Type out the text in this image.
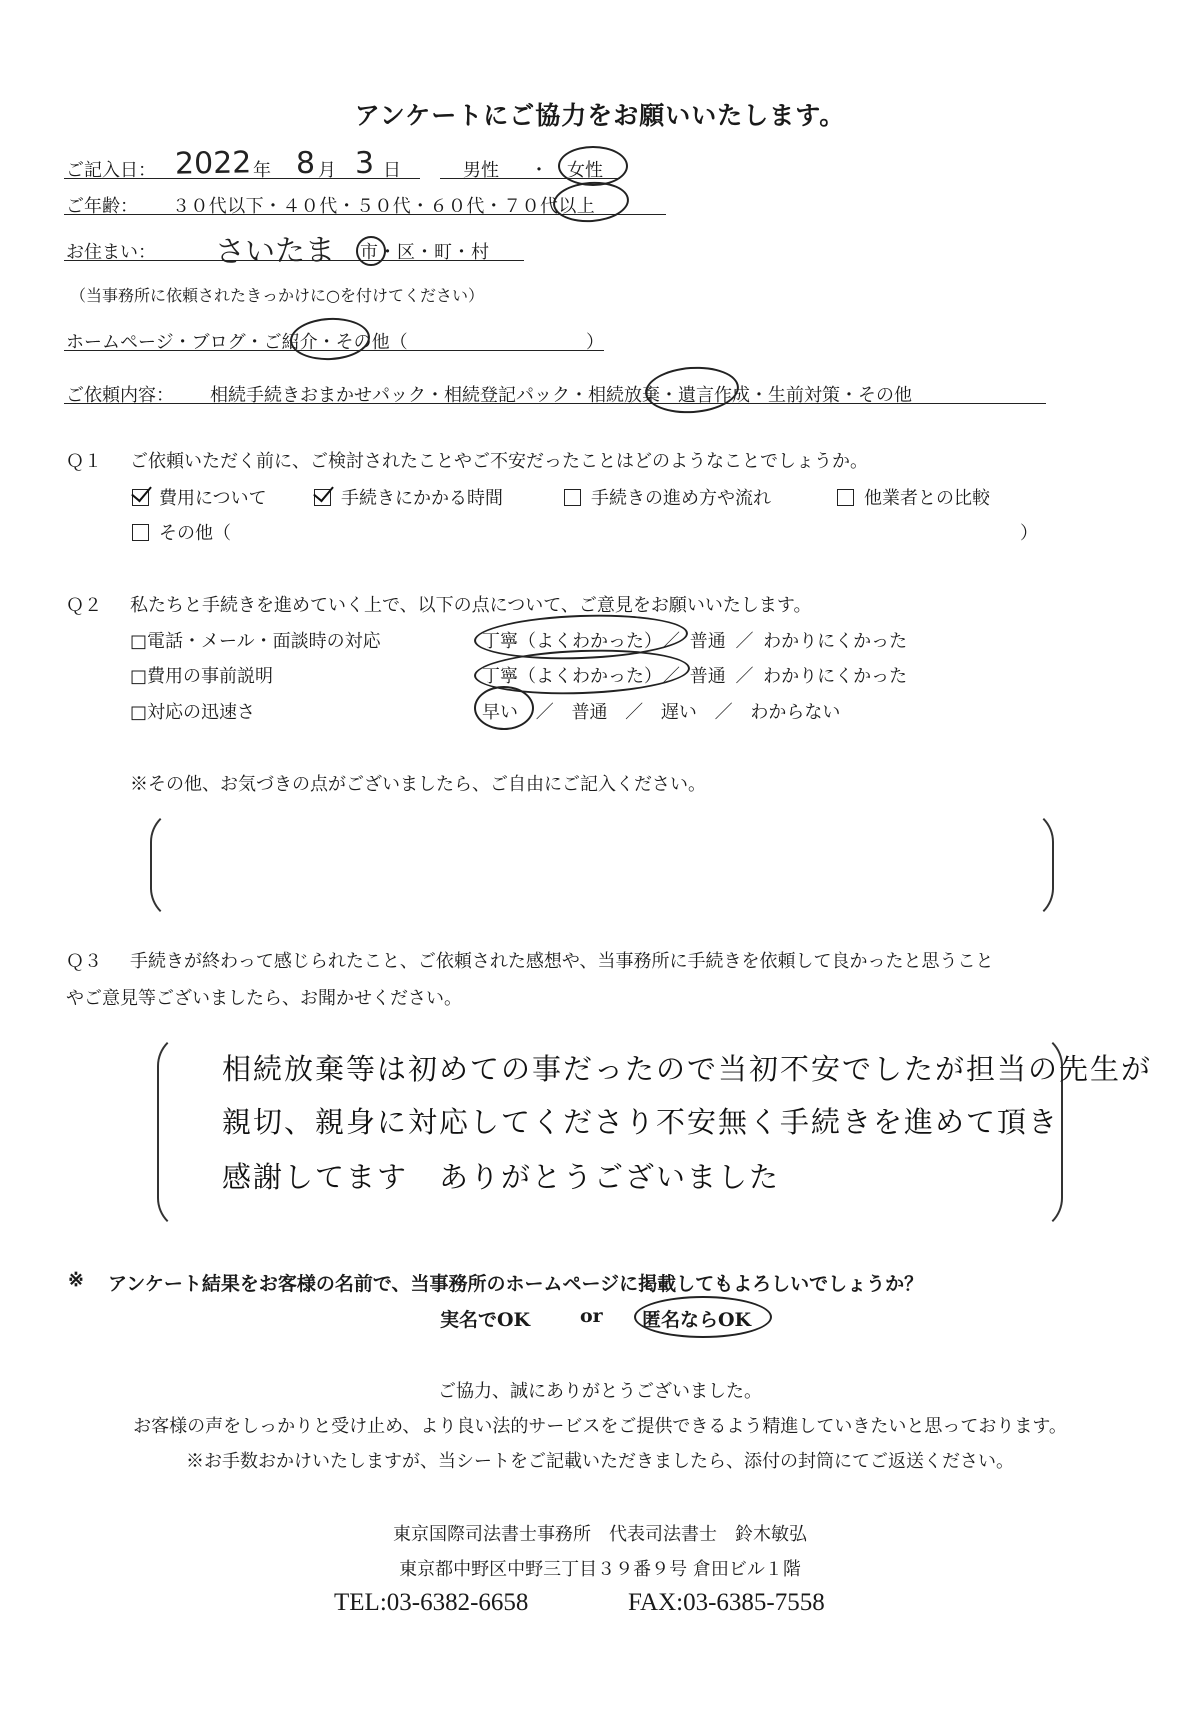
アンケートにご協力をお願いいたします。
ご記入日： 2022 年 8 月 3 日	男性 ・ 女性
ご年齢： ３０代以下・４０代・５０代・６０代・７０代以上
お住まい： さいたま 市・区・町・村
（当事務所に依頼されたきっかけに○を付けてください）
ホームページ・ブログ・ご紹介・その他（	）
ご依頼内容： 相続手続きおまかせパック・相続登記パック・相続放棄・遺言作成・生前対策・その他
Ｑ１ ご依頼いただく前に、ご検討されたことやご不安だったことはどのようなことでしょうか。
費用について	手続きにかかる時間	手続きの進め方や流れ	他業者との比較
その他（	）
Ｑ２ 私たちと手続きを進めていく上で、以下の点について、ご意見をお願いいたします。
□電話・メール・面談時の対応	丁寧（よくわかった）／ 普通 ／ わかりにくかった
□費用の事前説明	丁寧（よくわかった）／ 普通 ／ わかりにくかった
□対応の迅速さ	早い ／ 普通 ／ 遅い ／ わからない
※その他、お気づきの点がございましたら、ご自由にご記入ください。
Ｑ３ 手続きが終わって感じられたこと、ご依頼された感想や、当事務所に手続きを依頼して良かったと思うこと
やご意見等ございましたら、お聞かせください。
相続放棄等は初めての事だったので当初不安でしたが担当の先生が
親切、親身に対応してくださり不安無く手続きを進めて頂き
感謝してます　ありがとうございました
※ アンケート結果をお客様の名前で、当事務所のホームページに掲載してもよろしいでしょうか？
実名でOK	or 匿名ならOK
ご協力、誠にありがとうございました。
お客様の声をしっかりと受け止め、より良い法的サービスをご提供できるよう精進していきたいと思っております。
※お手数おかけいたしますが、当シートをご記載いただきましたら、添付の封筒にてご返送ください。
東京国際司法書士事務所　代表司法書士　鈴木敏弘
東京都中野区中野三丁目３９番９号 倉田ビル１階
TEL:03-6382-6658	FAX:03-6385-7558
